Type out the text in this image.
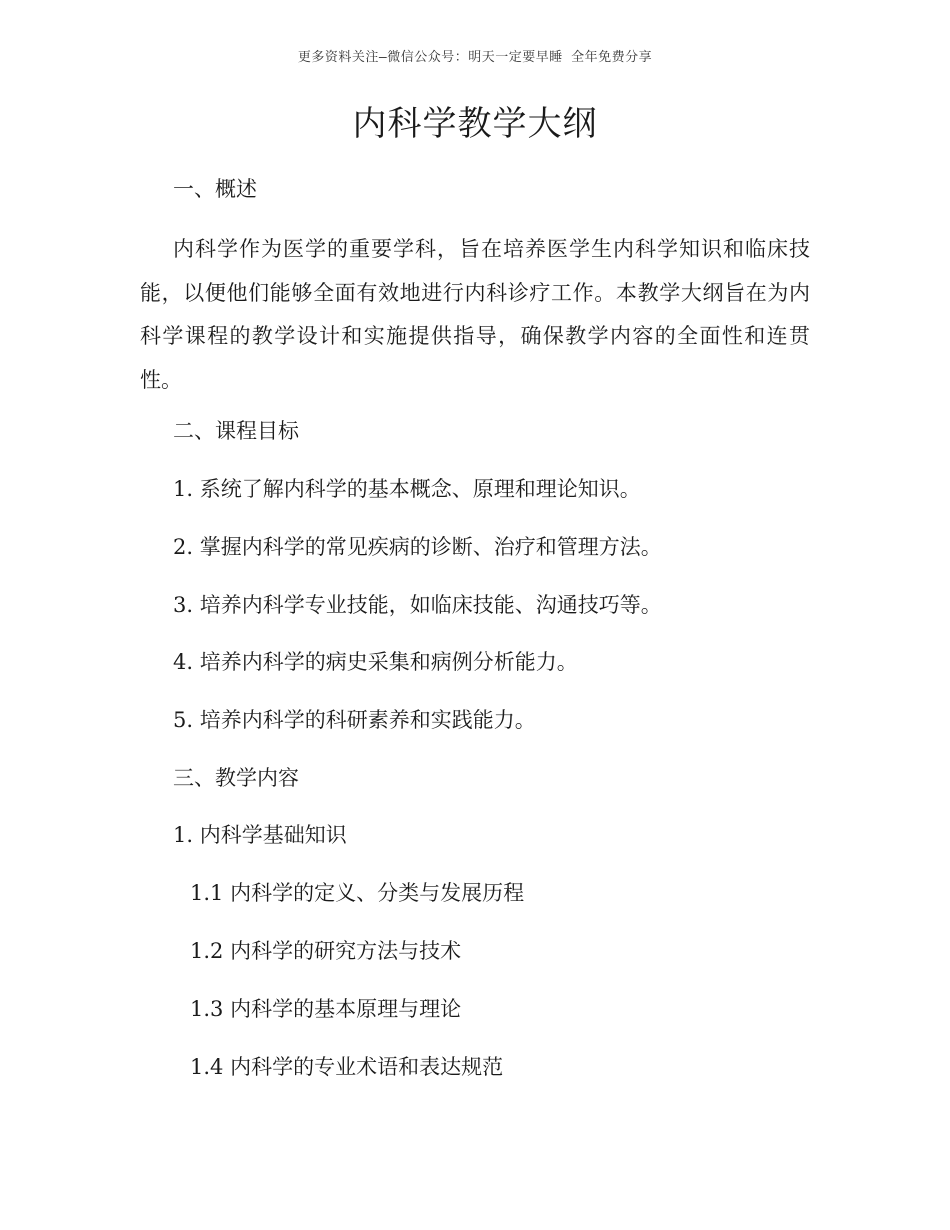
更多资料关注–微信公众号：明天一定要早睡 全年免费分享
内科学教学大纲
一、概述

内科学作为医学的重要学科，旨在培养医学生内科学知识和临床技能，以便他们能够全面有效地进行内科诊疗工作。本教学大纲旨在为内科学课程的教学设计和实施提供指导，确保教学内容的全面性和连贯性。

二、课程目标
1. 系统了解内科学的基本概念、原理和理论知识。
2. 掌握内科学的常见疾病的诊断、治疗和管理方法。
3. 培养内科学专业技能，如临床技能、沟通技巧等。
4. 培养内科学的病史采集和病例分析能力。
5. 培养内科学的科研素养和实践能力。
三、教学内容
1. 内科学基础知识
1.1 内科学的定义、分类与发展历程
1.2 内科学的研究方法与技术
1.3 内科学的基本原理与理论
1.4 内科学的专业术语和表达规范
